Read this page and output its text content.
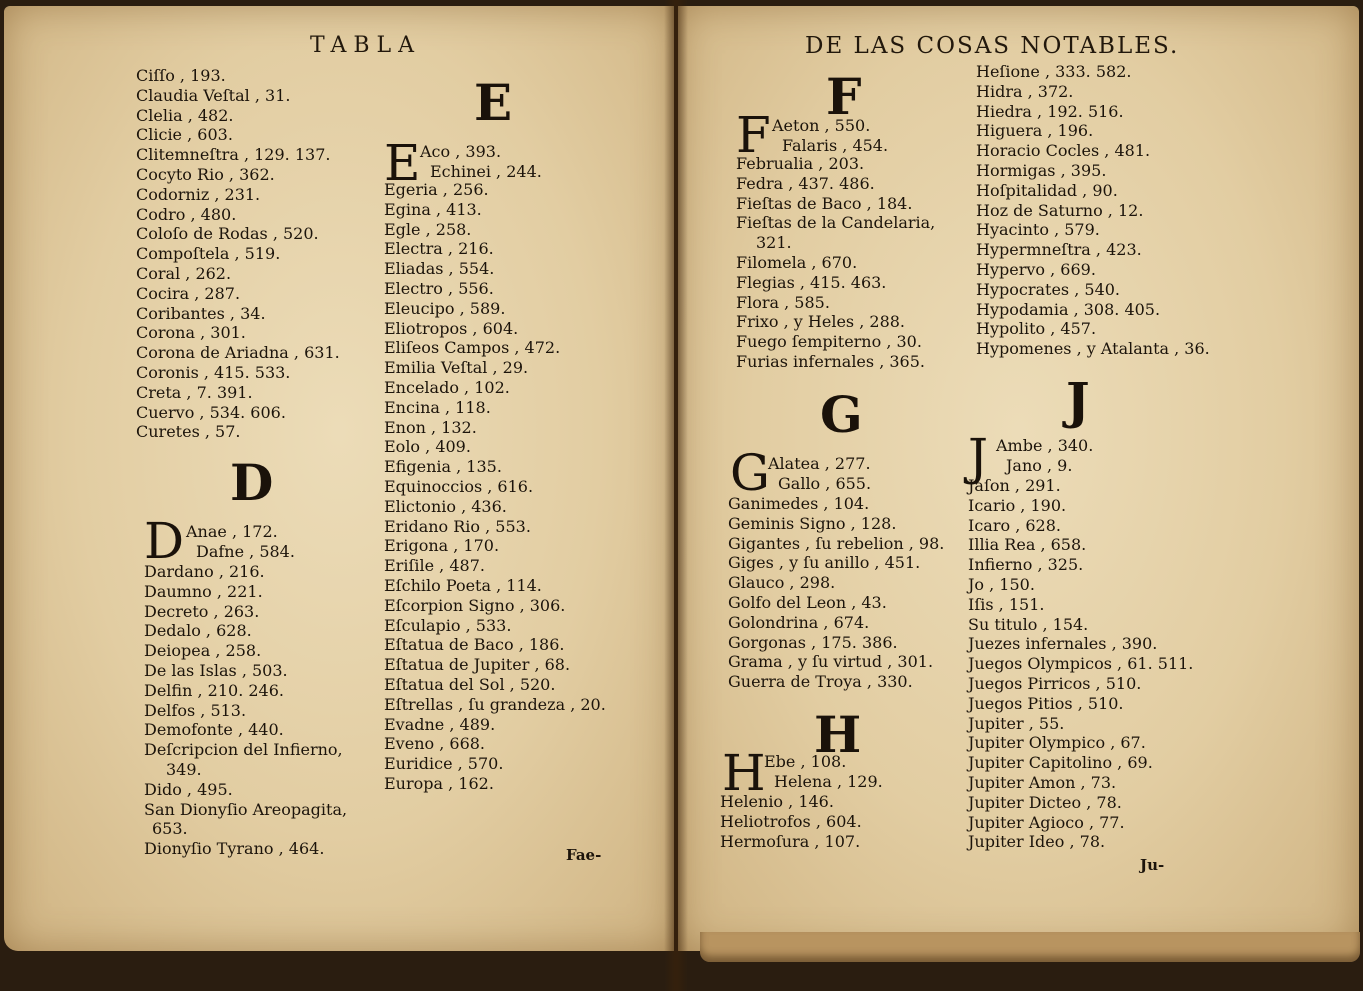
TABLA	DE LAS COSAS NOTABLES.
Ciſſo , 193.
Claudia Veſtal , 31.
Clelia , 482.
Clicie , 603.
Clitemneſtra , 129. 137.
Cocyto Rio , 362.
Codorniz , 231.
Codro , 480.
Coloſo de Rodas , 520.
Compoſtela , 519.
Coral , 262.
Cocira , 287.
Coribantes , 34.
Corona , 301.
Corona de Ariadna , 631.
Coronis , 415. 533.
Creta , 7. 391.
Cuervo , 534. 606.
Curetes , 57.
D
D Anae , 172.
Dafne , 584.
Dardano , 216.
Daumno , 221.
Decreto , 263.
Dedalo , 628.
Deiopea , 258.
De las Islas , 503.
Delfin , 210. 246.
Delfos , 513.
Demofonte , 440.
Deſcripcion del Infierno,
349.
Dido , 495.
San Dionyſio Areopagita,
653.
Dionyſio Tyrano , 464.
E
E Aco , 393.
Echinei , 244.
Egeria , 256.
Egina , 413.
Egle , 258.
Electra , 216.
Eliadas , 554.
Electro , 556.
Eleucipo , 589.
Eliotropos , 604.
Eliſeos Campos , 472.
Emilia Veſtal , 29.
Encelado , 102.
Encina , 118.
Enon , 132.
Eolo , 409.
Efigenia , 135.
Equinoccios , 616.
Elictonio , 436.
Eridano Rio , 553.
Erigona , 170.
Eriſile , 487.
Eſchilo Poeta , 114.
Eſcorpion Signo , 306.
Eſculapio , 533.
Eſtatua de Baco , 186.
Eſtatua de Jupiter , 68.
Eſtatua del Sol , 520.
Eſtrellas , ſu grandeza , 20.
Evadne , 489.
Eveno , 668.
Euridice , 570.
Europa , 162.
Fae-
F
F Aeton , 550.
Falaris , 454.
Februalia , 203.
Fedra , 437. 486.
Fieſtas de Baco , 184.
Fieſtas de la Candelaria,
321.
Filomela , 670.
Flegias , 415. 463.
Flora , 585.
Frixo , y Heles , 288.
Fuego ſempiterno , 30.
Furias infernales , 365.
G
G
Alatea , 277.
Gallo , 655.
Ganimedes , 104.
Geminis Signo , 128.
Gigantes , ſu rebelion , 98.
Giges , y ſu anillo , 451.
Glauco , 298.
Golfo del Leon , 43.
Golondrina , 674.
Gorgonas , 175. 386.
Grama , y ſu virtud , 301.
Guerra de Troya , 330.
H
H
Ebe , 108.
Helena , 129.
Helenio , 146.
Heliotrofos , 604.
Hermoſura , 107.
Heſione , 333. 582.
Hidra , 372.
Hiedra , 192. 516.
Higuera , 196.
Horacio Cocles , 481.
Hormigas , 395.
Hoſpitalidad , 90.
Hoz de Saturno , 12.
Hyacinto , 579.
Hypermneſtra , 423.
Hypervo , 669.
Hypocrates , 540.
Hypodamia , 308. 405.
Hypolito , 457.
Hypomenes , y Atalanta , 36.
J
J Ambe , 340.
Jano , 9.
Jaſon , 291.
Icario , 190.
Icaro , 628.
Illia Rea , 658.
Infierno , 325.
Jo , 150.
Iſis , 151.
Su titulo , 154.
Juezes infernales , 390.
Juegos Olympicos , 61. 511.
Juegos Pirricos , 510.
Juegos Pitios , 510.
Jupiter , 55.
Jupiter Olympico , 67.
Jupiter Capitolino , 69.
Jupiter Amon , 73.
Jupiter Dicteo , 78.
Jupiter Agioco , 77.
Jupiter Ideo , 78.
Ju-
